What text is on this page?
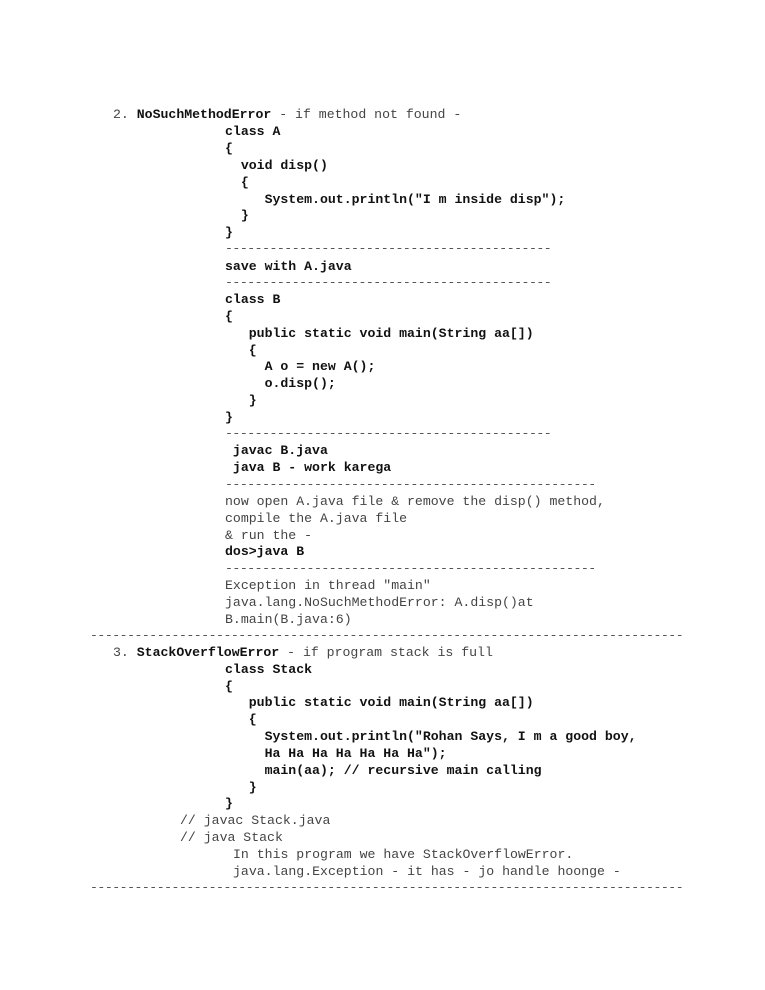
2. NoSuchMethodError - if method not found -
class A
{
void disp()
{
System.out.println("I m inside disp");
}
}
--------------------------------------------
save with A.java
--------------------------------------------
class B
{
public static void main(String aa[])
{
A o = new A();
o.disp();
}
}
--------------------------------------------
javac B.java
java B - work karega
--------------------------------------------------
now open A.java file & remove the disp() method,
compile the A.java file
& run the -
dos>java B
--------------------------------------------------
Exception in thread "main"
java.lang.NoSuchMethodError: A.disp()at
B.main(B.java:6)
--------------------------------------------------------------------------------
3. StackOverflowError - if program stack is full
class Stack
{
public static void main(String aa[])
{
System.out.println("Rohan Says, I m a good boy,
Ha Ha Ha Ha Ha Ha Ha");
main(aa); // recursive main calling
}
}
// javac Stack.java
// java Stack
In this program we have StackOverflowError.
java.lang.Exception - it has - jo handle hoonge -
--------------------------------------------------------------------------------
